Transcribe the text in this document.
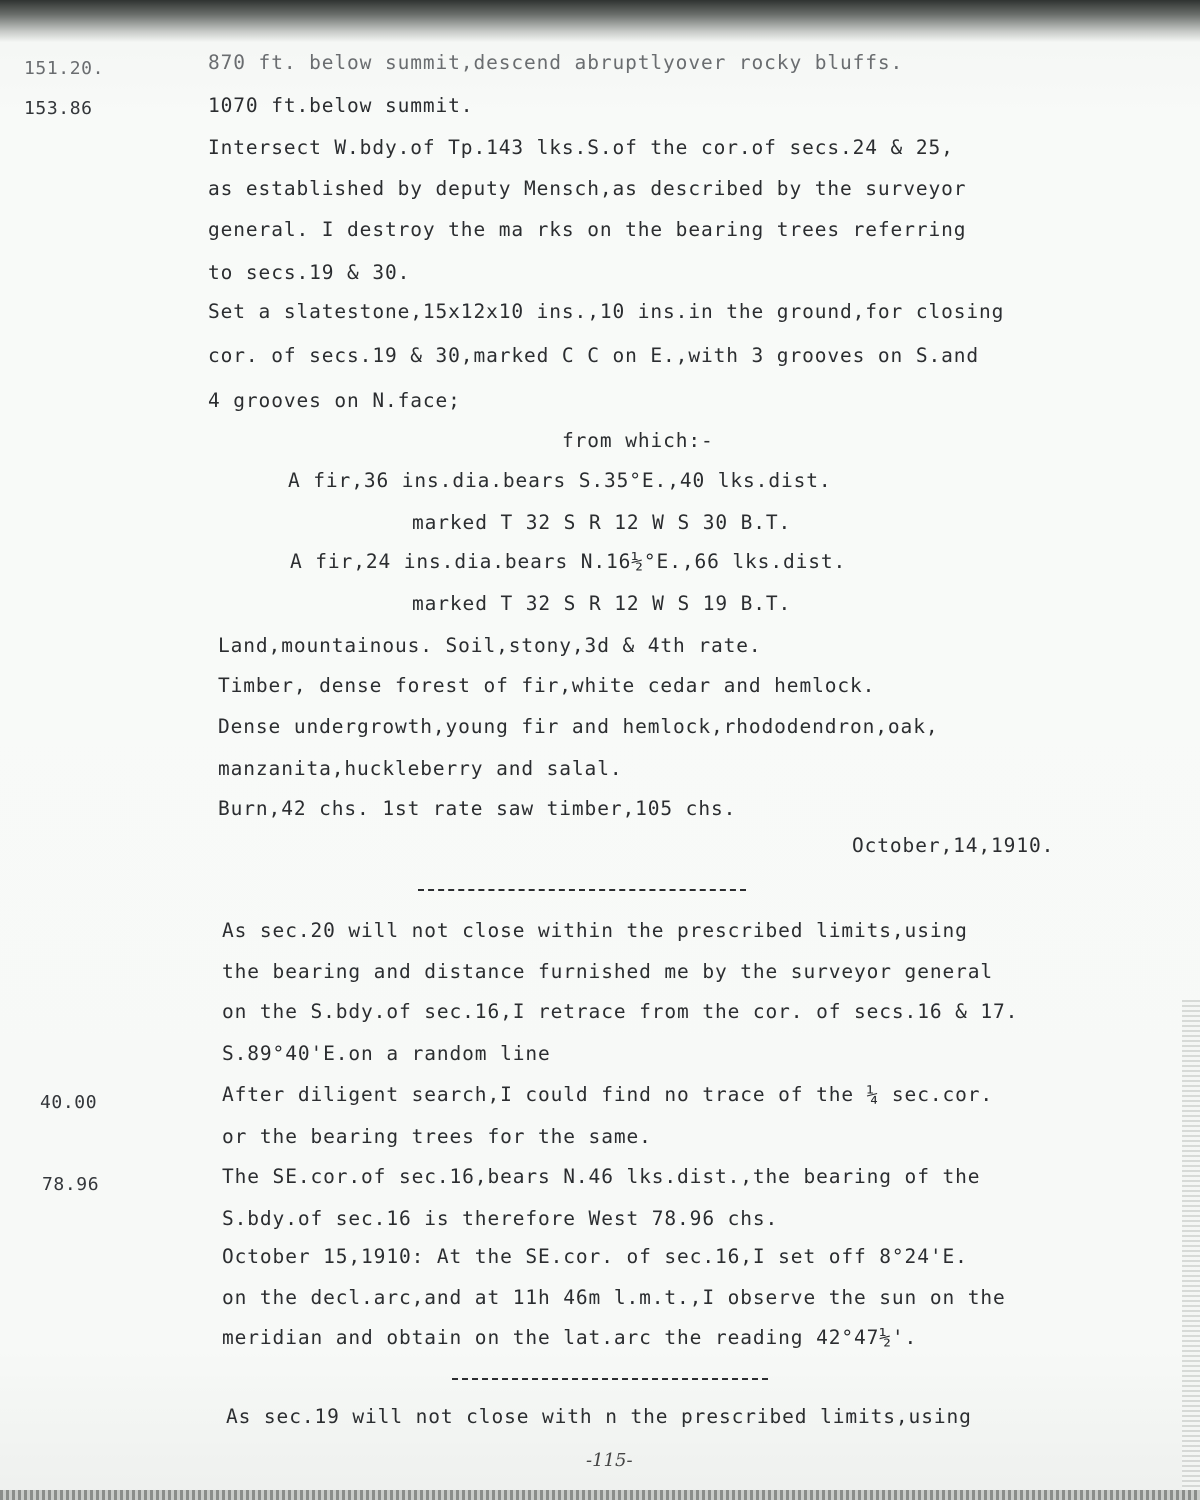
151.20.
153.86
40.00
78.96
870 ft. below summit,descend abruptlyover rocky bluffs.
1070 ft.below summit.
Intersect W.bdy.of Tp.143 lks.S.of the cor.of secs.24 & 25,
as established by deputy Mensch,as described by the surveyor
general. I destroy the ma rks on the bearing trees referring
to secs.19 & 30.
Set a slatestone,15x12x10 ins.,10 ins.in the ground,for closing
cor. of secs.19 & 30,marked C C on E.,with 3 grooves on S.and
4 grooves on N.face;
from which:-
A fir,36 ins.dia.bears S.35°E.,40 lks.dist.
marked T 32 S R 12 W S 30 B.T.
A fir,24 ins.dia.bears N.16½°E.,66 lks.dist.
marked T 32 S R 12 W S 19 B.T.
Land,mountainous. Soil,stony,3d & 4th rate.
Timber, dense forest of fir,white cedar and hemlock.
Dense undergrowth,young fir and hemlock,rhododendron,oak,
manzanita,huckleberry and salal.
Burn,42 chs. 1st rate saw timber,105 chs.
October,14,1910.
As sec.20 will not close within the prescribed limits,using
the bearing and distance furnished me by the surveyor general
on the S.bdy.of sec.16,I retrace from the cor. of secs.16 & 17.
S.89°40'E.on a random line
After diligent search,I could find no trace of the ¼ sec.cor.
or the bearing trees for the same.
The SE.cor.of sec.16,bears N.46 lks.dist.,the bearing of the
S.bdy.of sec.16 is therefore West 78.96 chs.
October 15,1910: At the SE.cor. of sec.16,I set off 8°24'E.
on the decl.arc,and at 11h 46m l.m.t.,I observe the sun on the
meridian and obtain on the lat.arc the reading 42°47½'.
As sec.19 will not close with n the prescribed limits,using
-115-
